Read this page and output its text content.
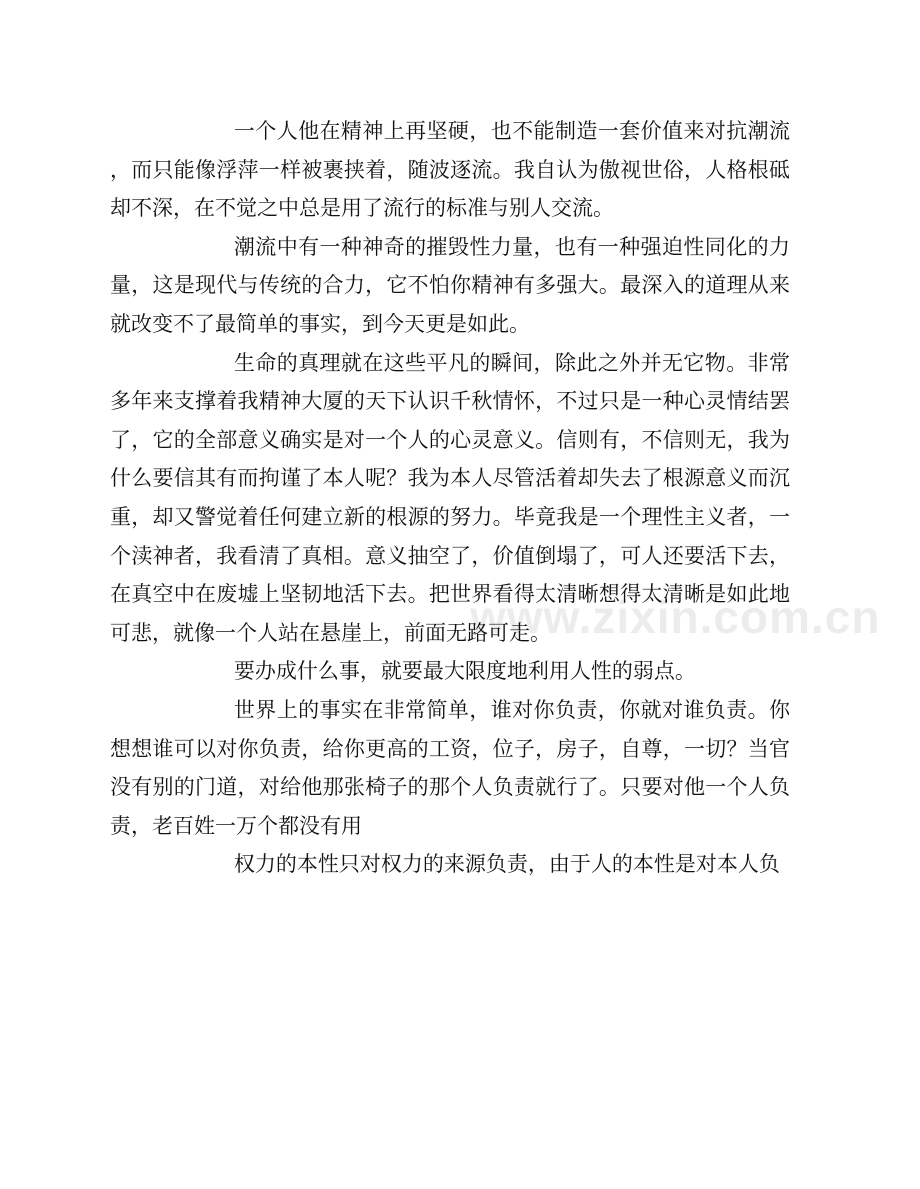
一个人他在精神上再坚硬，也不能制造一套价值来对抗潮流，而只能像浮萍一样被裹挟着，随波逐流。我自认为傲视世俗，人格根砥却不深，在不觉之中总是用了流行的标准与别人交流。

潮流中有一种神奇的摧毁性力量，也有一种强迫性同化的力量，这是现代与传统的合力，它不怕你精神有多强大。最深入的道理从来就改变不了最简单的事实，到今天更是如此。

生命的真理就在这些平凡的瞬间，除此之外并无它物。非常多年来支撑着我精神大厦的天下认识千秋情怀，不过只是一种心灵情结罢了，它的全部意义确实是对一个人的心灵意义。信则有，不信则无，我为什么要信其有而拘谨了本人呢？我为本人尽管活着却失去了根源意义而沉重，却又警觉着任何建立新的根源的努力。毕竟我是一个理性主义者，一个渎神者，我看清了真相。意义抽空了，价值倒塌了，可人还要活下去，在真空中在废墟上坚韧地活下去。把世界看得太清晰想得太清晰是如此地可悲，就像一个人站在悬崖上，前面无路可走。

要办成什么事，就要最大限度地利用人性的弱点。

世界上的事实在非常简单，谁对你负责，你就对谁负责。你想想谁可以对你负责，给你更高的工资，位子，房子，自尊，一切？当官没有别的门道，对给他那张椅子的那个人负责就行了。只要对他一个人负责，老百姓一万个都没有用

权力的本性只对权力的来源负责，由于人的本性是对本人负

www.zixin.com.cn
